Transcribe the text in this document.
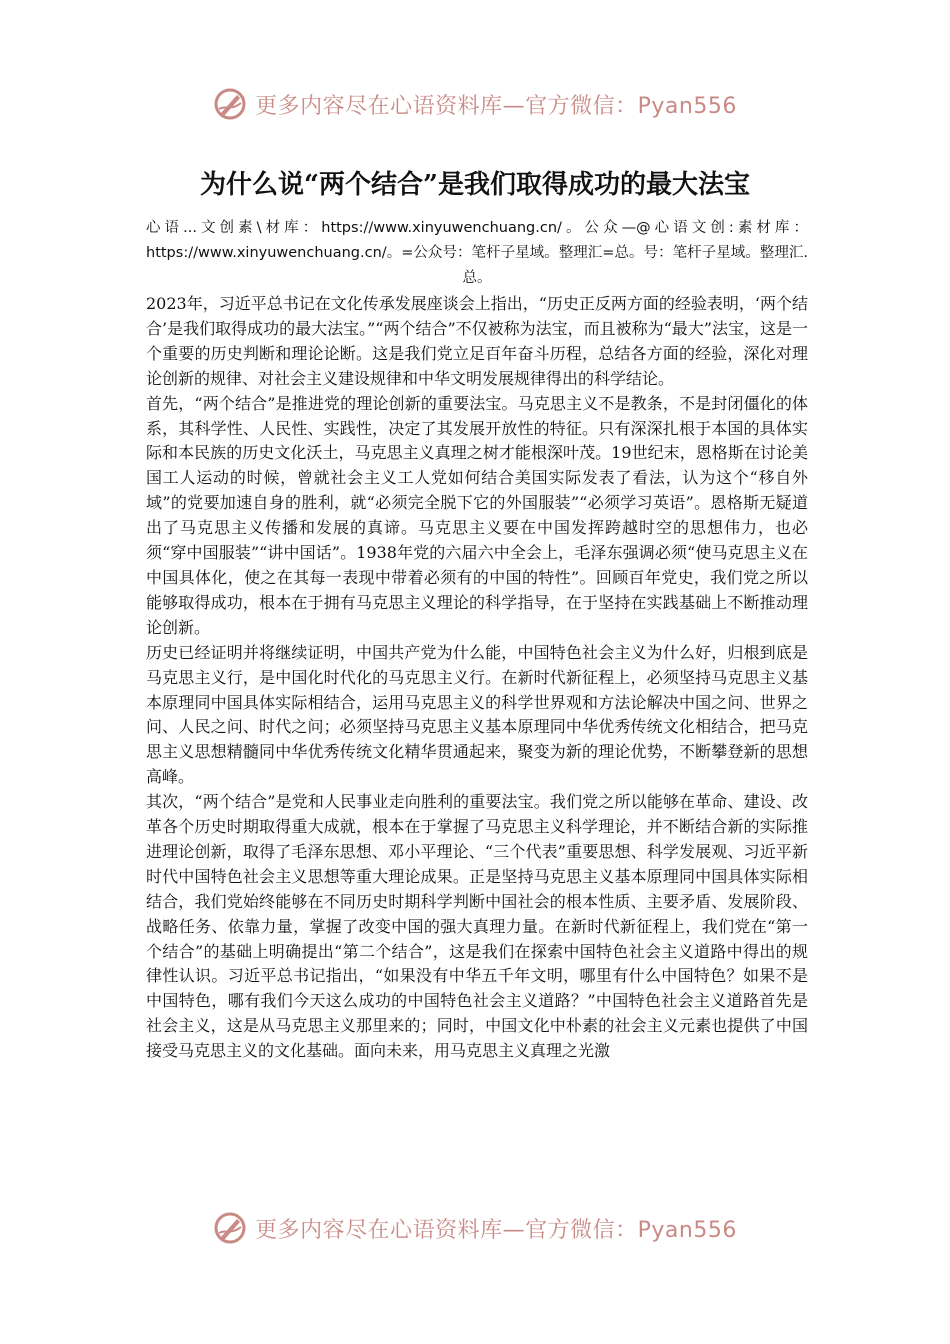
更多内容尽在心语资料库—官方微信：Pyan556
为什么说“两个结合”是我们取得成功的最大法宝
心语...文创素\材库：https://www.xinyuwenchuang.cn/。公众—@心语文创:素材库：https://www.xinyuwenchuang.cn/。=公众号：笔杆子星域。整理汇=总。号：笔杆子星域。整理汇.总。

2023年，习近平总书记在文化传承发展座谈会上指出，“历史正反两方面的经验表明，‘两个结合’是我们取得成功的最大法宝。”“两个结合”不仅被称为法宝，而且被称为“最大”法宝，这是一个重要的历史判断和理论论断。这是我们党立足百年奋斗历程，总结各方面的经验，深化对理论创新的规律、对社会主义建设规律和中华文明发展规律得出的科学结论。

首先，“两个结合”是推进党的理论创新的重要法宝。马克思主义不是教条，不是封闭僵化的体系，其科学性、人民性、实践性，决定了其发展开放性的特征。只有深深扎根于本国的具体实际和本民族的历史文化沃土，马克思主义真理之树才能根深叶茂。19世纪末，恩格斯在讨论美国工人运动的时候，曾就社会主义工人党如何结合美国实际发表了看法，认为这个“移自外域”的党要加速自身的胜利，就“必须完全脱下它的外国服装”“必须学习英语”。恩格斯无疑道出了马克思主义传播和发展的真谛。马克思主义要在中国发挥跨越时空的思想伟力，也必须“穿中国服装”“讲中国话”。1938年党的六届六中全会上，毛泽东强调必须“使马克思主义在中国具体化，使之在其每一表现中带着必须有的中国的特性”。回顾百年党史，我们党之所以能够取得成功，根本在于拥有马克思主义理论的科学指导，在于坚持在实践基础上不断推动理论创新。

历史已经证明并将继续证明，中国共产党为什么能，中国特色社会主义为什么好，归根到底是马克思主义行，是中国化时代化的马克思主义行。在新时代新征程上，必须坚持马克思主义基本原理同中国具体实际相结合，运用马克思主义的科学世界观和方法论解决中国之问、世界之问、人民之问、时代之问；必须坚持马克思主义基本原理同中华优秀传统文化相结合，把马克思主义思想精髓同中华优秀传统文化精华贯通起来，聚变为新的理论优势，不断攀登新的思想高峰。

其次，“两个结合”是党和人民事业走向胜利的重要法宝。我们党之所以能够在革命、建设、改革各个历史时期取得重大成就，根本在于掌握了马克思主义科学理论，并不断结合新的实际推进理论创新，取得了毛泽东思想、邓小平理论、“三个代表”重要思想、科学发展观、习近平新时代中国特色社会主义思想等重大理论成果。正是坚持马克思主义基本原理同中国具体实际相结合，我们党始终能够在不同历史时期科学判断中国社会的根本性质、主要矛盾、发展阶段、战略任务、依靠力量，掌握了改变中国的强大真理力量。在新时代新征程上，我们党在“第一个结合”的基础上明确提出“第二个结合”，这是我们在探索中国特色社会主义道路中得出的规律性认识。习近平总书记指出，“如果没有中华五千年文明，哪里有什么中国特色？如果不是中国特色，哪有我们今天这么成功的中国特色社会主义道路？”中国特色社会主义道路首先是社会主义，这是从马克思主义那里来的；同时，中国文化中朴素的社会主义元素也提供了中国接受马克思主义的文化基础。面向未来，用马克思主义真理之光激

更多内容尽在心语资料库—官方微信：Pyan556
